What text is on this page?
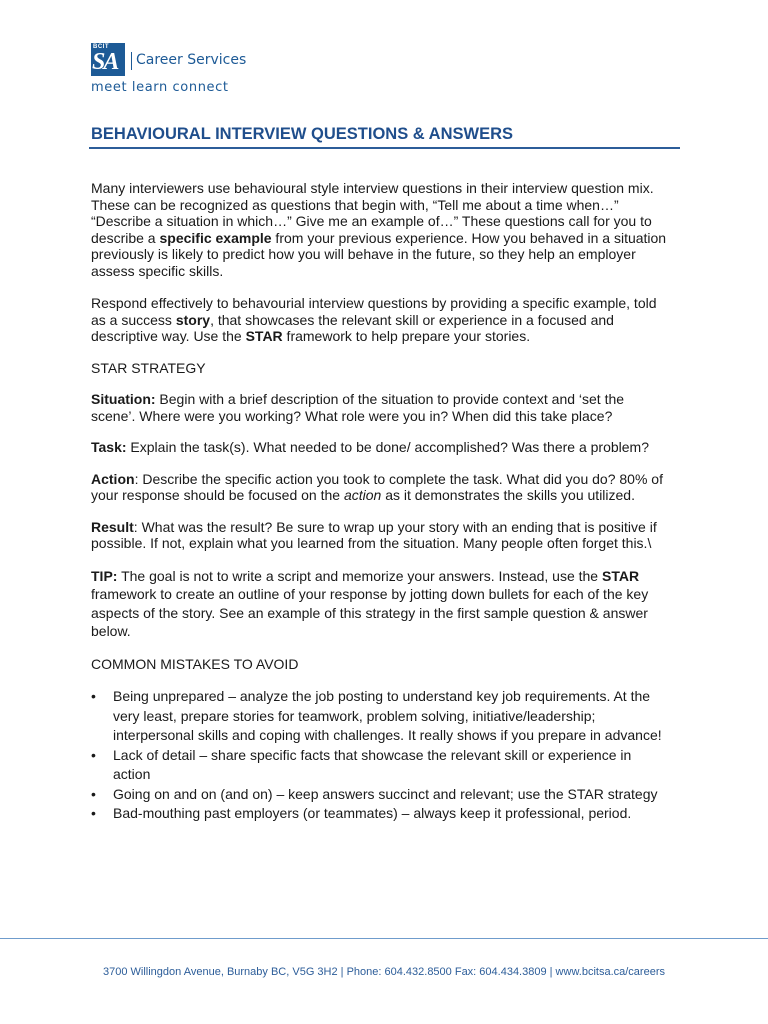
BCIT
SA Career Services
meet learn connect
BEHAVIOURAL INTERVIEW QUESTIONS & ANSWERS

Many interviewers use behavioural style interview questions in their interview question mix. These can be recognized as questions that begin with, “Tell me about a time when…” “Describe a situation in which…” Give me an example of…” These questions call for you to describe a specific example from your previous experience. How you behaved in a situation previously is likely to predict how you will behave in the future, so they help an employer assess specific skills.

Respond effectively to behavourial interview questions by providing a specific example, told as a success story, that showcases the relevant skill or experience in a focused and descriptive way. Use the STAR framework to help prepare your stories.

STAR STRATEGY

Situation: Begin with a brief description of the situation to provide context and ‘set the scene’. Where were you working? What role were you in? When did this take place?

Task: Explain the task(s). What needed to be done/ accomplished? Was there a problem?

Action: Describe the specific action you took to complete the task. What did you do? 80% of your response should be focused on the action as it demonstrates the skills you utilized.

Result: What was the result? Be sure to wrap up your story with an ending that is positive if possible. If not, explain what you learned from the situation. Many people often forget this.\

TIP: The goal is not to write a script and memorize your answers. Instead, use the STAR framework to create an outline of your response by jotting down bullets for each of the key aspects of the story. See an example of this strategy in the first sample question & answer below.

COMMON MISTAKES TO AVOID

• Being unprepared – analyze the job posting to understand key job requirements. At the very least, prepare stories for teamwork, problem solving, initiative/leadership; interpersonal skills and coping with challenges. It really shows if you prepare in advance!
• Lack of detail – share specific facts that showcase the relevant skill or experience in action
• Going on and on (and on) – keep answers succinct and relevant; use the STAR strategy
• Bad-mouthing past employers (or teammates) – always keep it professional, period.
3700 Willingdon Avenue, Burnaby BC, V5G 3H2 | Phone: 604.432.8500 Fax: 604.434.3809 | www.bcitsa.ca/careers
